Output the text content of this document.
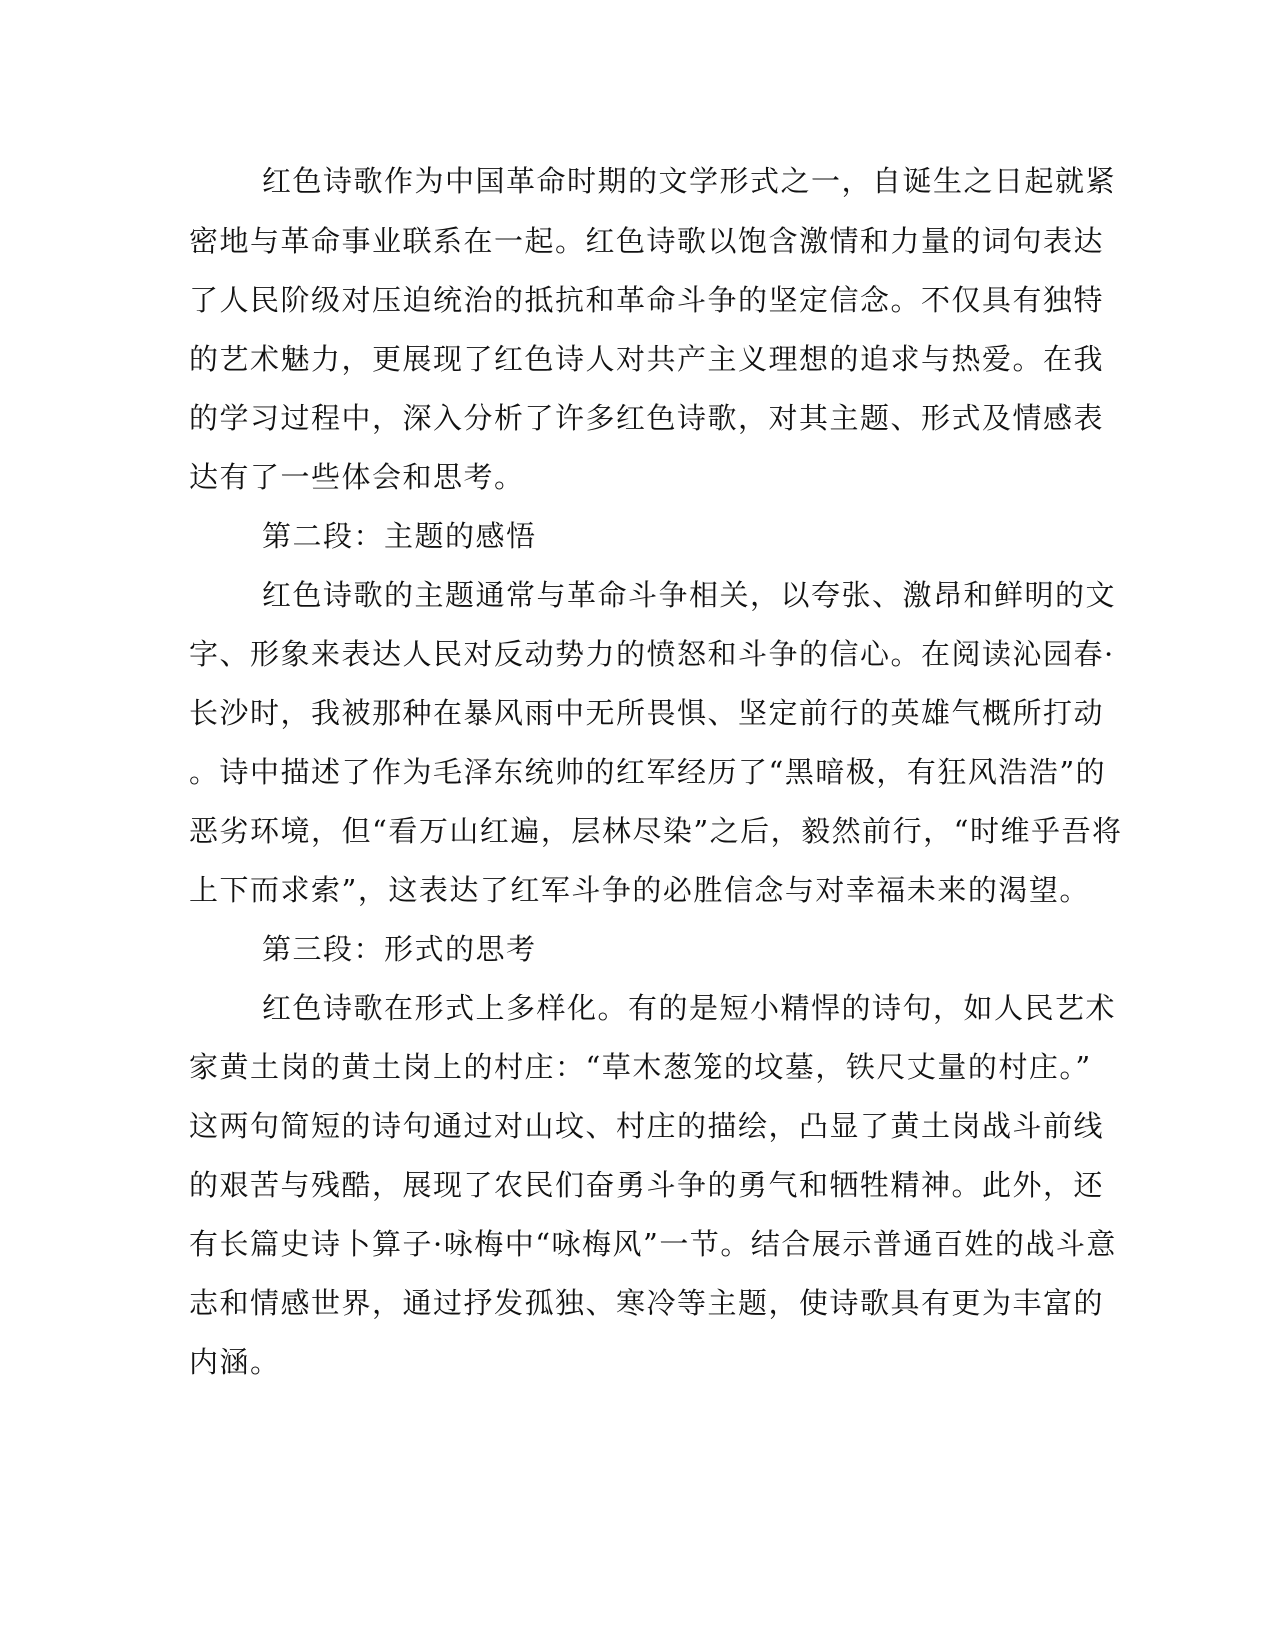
红色诗歌作为中国革命时期的文学形式之一，自诞生之日起就紧
密地与革命事业联系在一起。红色诗歌以饱含激情和力量的词句表达
了人民阶级对压迫统治的抵抗和革命斗争的坚定信念。不仅具有独特
的艺术魅力，更展现了红色诗人对共产主义理想的追求与热爱。在我
的学习过程中，深入分析了许多红色诗歌，对其主题、形式及情感表
达有了一些体会和思考。
第二段：主题的感悟
红色诗歌的主题通常与革命斗争相关，以夸张、激昂和鲜明的文
字、形象来表达人民对反动势力的愤怒和斗争的信心。在阅读沁园春·
长沙时，我被那种在暴风雨中无所畏惧、坚定前行的英雄气概所打动
。诗中描述了作为毛泽东统帅的红军经历了“黑暗极，有狂风浩浩”的
恶劣环境，但“看万山红遍，层林尽染”之后，毅然前行，“时维乎吾将
上下而求索”，这表达了红军斗争的必胜信念与对幸福未来的渴望。
第三段：形式的思考
红色诗歌在形式上多样化。有的是短小精悍的诗句，如人民艺术
家黄土岗的黄土岗上的村庄：“草木葱笼的坟墓，铁尺丈量的村庄。”
这两句简短的诗句通过对山坟、村庄的描绘，凸显了黄土岗战斗前线
的艰苦与残酷，展现了农民们奋勇斗争的勇气和牺牲精神。此外，还
有长篇史诗卜算子·咏梅中“咏梅风”一节。结合展示普通百姓的战斗意
志和情感世界，通过抒发孤独、寒冷等主题，使诗歌具有更为丰富的
内涵。
